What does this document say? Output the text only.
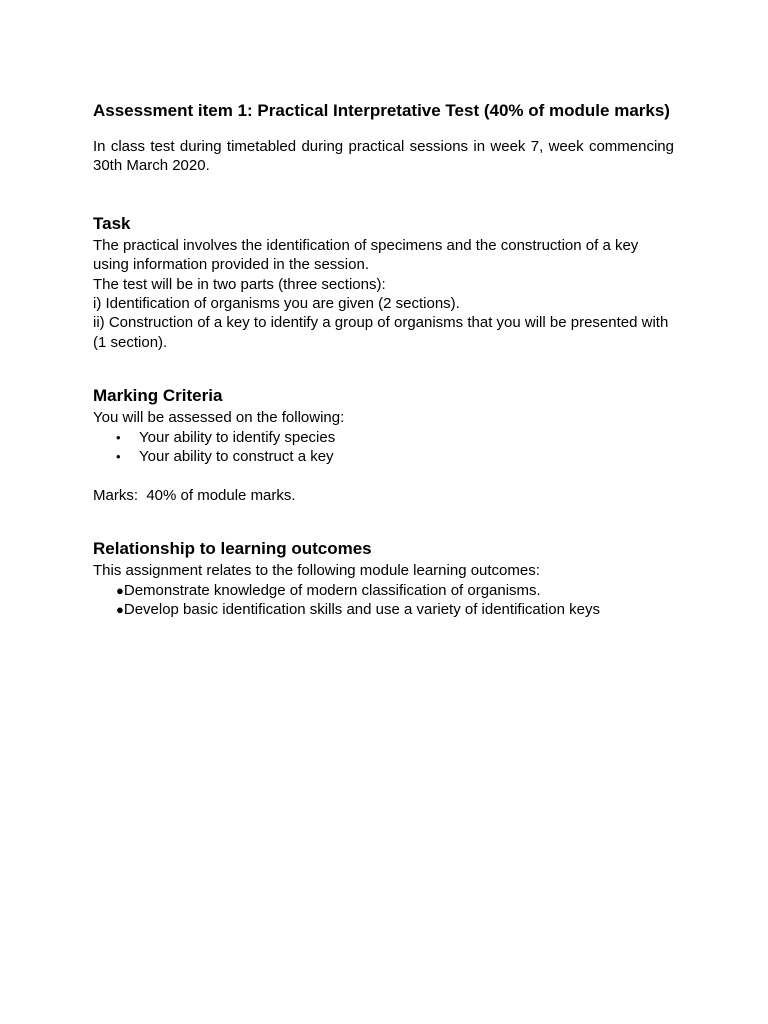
Assessment item 1: Practical Interpretative Test (40% of module marks)

In class test during timetabled during practical sessions in week 7, week commencing 30th March 2020.

Task

The practical involves the identification of specimens and the construction of a key using information provided in the session.

The test will be in two parts (three sections):

i) Identification of organisms you are given (2 sections).

ii) Construction of a key to identify a group of organisms that you will be presented with (1 section).

Marking Criteria

You will be assessed on the following:

•	Your ability to identify species
•	Your ability to construct a key

Marks:  40% of module marks.

Relationship to learning outcomes

This assignment relates to the following module learning outcomes:

● Demonstrate knowledge of modern classification of organisms.
● Develop basic identification skills and use a variety of identification keys
